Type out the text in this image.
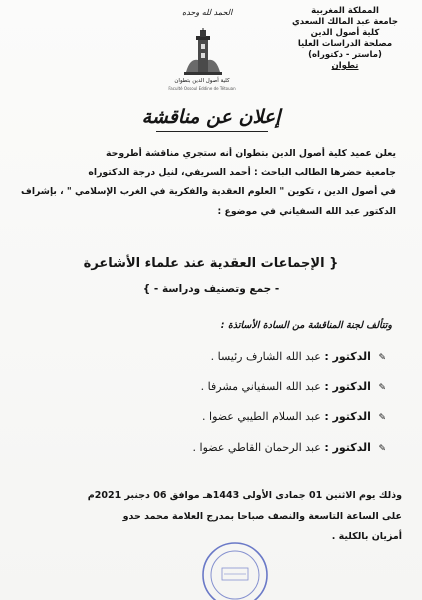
المملكة المغربية
جامعة عبد المالك السعدي
كلية أصول الدين
مصلحة الدراسات العليا
(ماستر - دكتوراه)
تطوان
الحمد لله وحده
كلية أصول الدين بتطوان
Faculté Ossoul Eddine de Tétouan
إعلان عن مناقشة
يعلن عميد كلية أصول الدين بتطوان أنه ستجري مناقشة أطروحة
جامعية حضرها الطالب الباحث : أحمد السريفي، لنيل درجة الدكتوراه
في أصول الدين ، تكوين " العلوم العقدية والفكرية في الغرب الإسلامي " ، بإشراف
الدكتور عبد الله السفياني في موضوع :
{ الإجماعات العقدية عند علماء الأشاعرة
- جمع وتصنيف ودراسة - }
وتتألف لجنة المناقشة من السادة الأساتذة :
✎ الدكتور : عبد الله الشارف رئيسا .
✎ الدكتور : عبد الله السفياني مشرفا .
✎ الدكتور : عبد السلام الطيبي عضوا .
✎ الدكتور : عبد الرحمان القاطي عضوا .
وذلك يوم الاثنين 01 جمادى الأولى 1443هـ موافق 06 دجنبر 2021م
على الساعة التاسعة والنصف صباحا بمدرج العلامة محمد حدو
أمزيان بالكلية .
